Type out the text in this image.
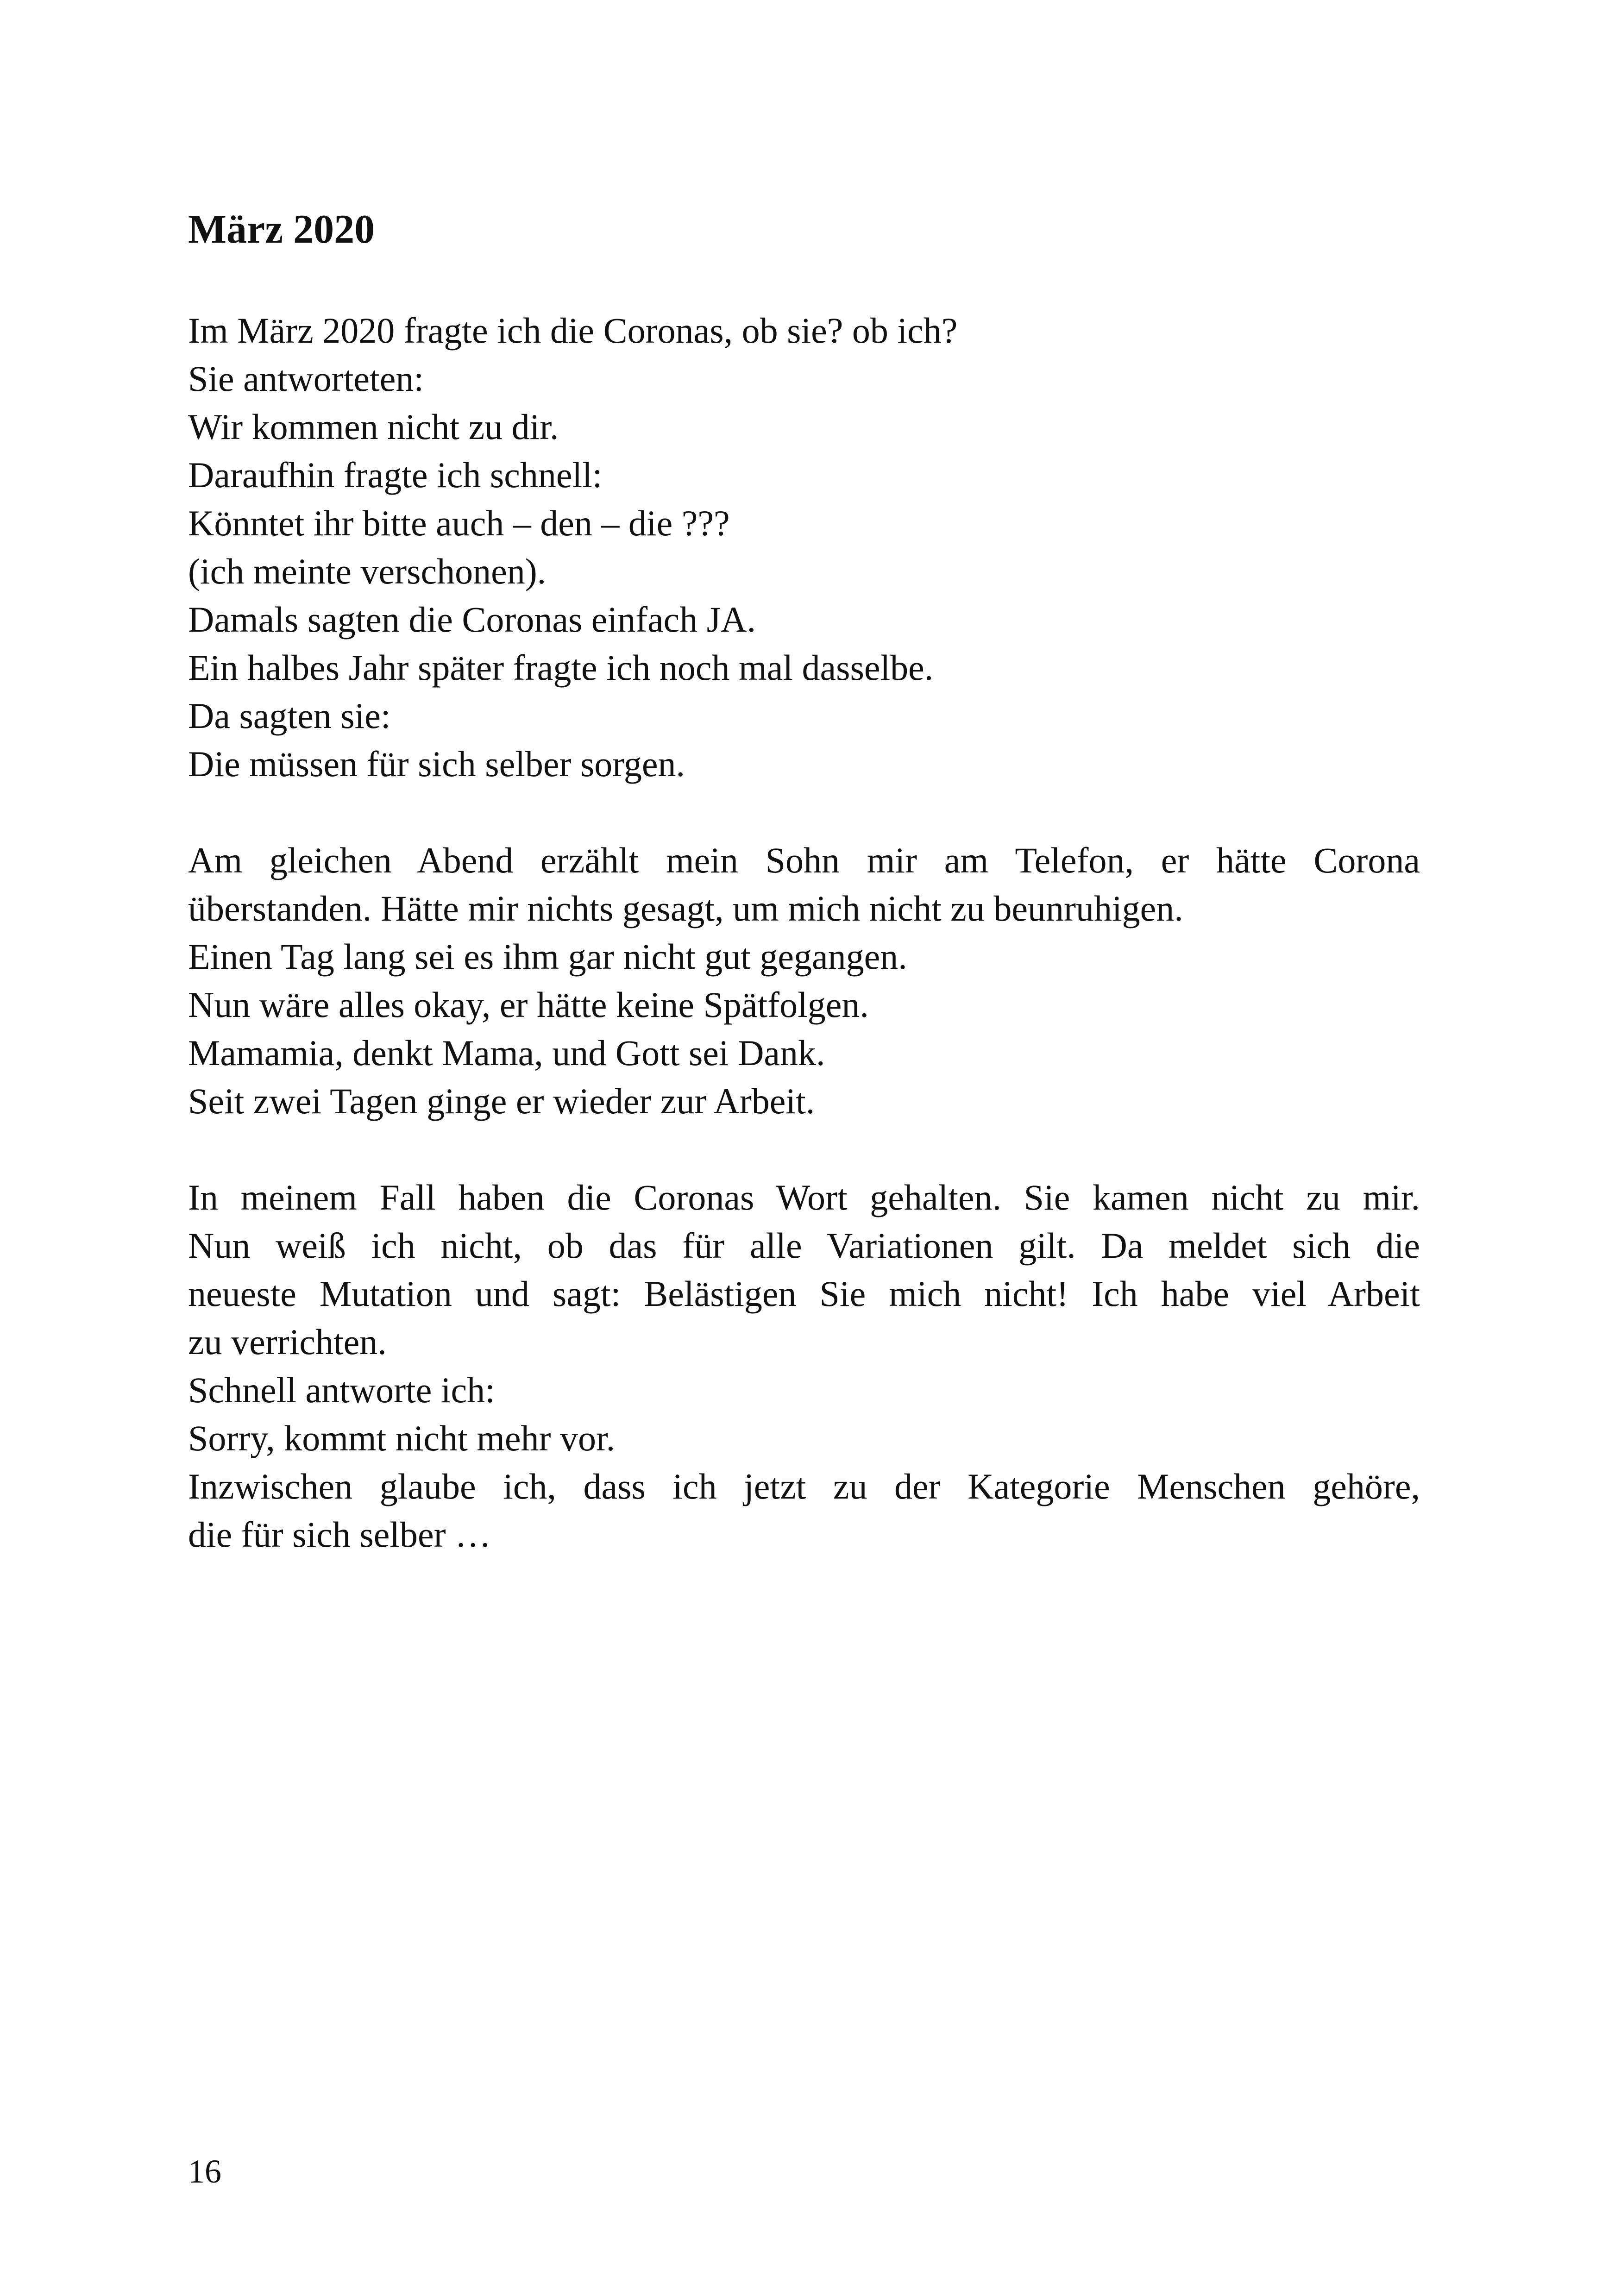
März 2020
Im März 2020 fragte ich die Coronas, ob sie? ob ich?
Sie antworteten:
Wir kommen nicht zu dir.
Daraufhin fragte ich schnell:
Könntet ihr bitte auch – den – die ???
(ich meinte verschonen).
Damals sagten die Coronas einfach JA.
Ein halbes Jahr später fragte ich noch mal dasselbe.
Da sagten sie:
Die müssen für sich selber sorgen.
Am gleichen Abend erzählt mein Sohn mir am Telefon, er hätte Corona
überstanden. Hätte mir nichts gesagt, um mich nicht zu beunruhigen.
Einen Tag lang sei es ihm gar nicht gut gegangen.
Nun wäre alles okay, er hätte keine Spätfolgen.
Mamamia, denkt Mama, und Gott sei Dank.
Seit zwei Tagen ginge er wieder zur Arbeit.
In meinem Fall haben die Coronas Wort gehalten. Sie kamen nicht zu mir.
Nun weiß ich nicht, ob das für alle Variationen gilt. Da meldet sich die
neueste Mutation und sagt: Belästigen Sie mich nicht! Ich habe viel Arbeit
zu verrichten.
Schnell antworte ich:
Sorry, kommt nicht mehr vor.
Inzwischen glaube ich, dass ich jetzt zu der Kategorie Menschen gehöre,
die für sich selber …
16
